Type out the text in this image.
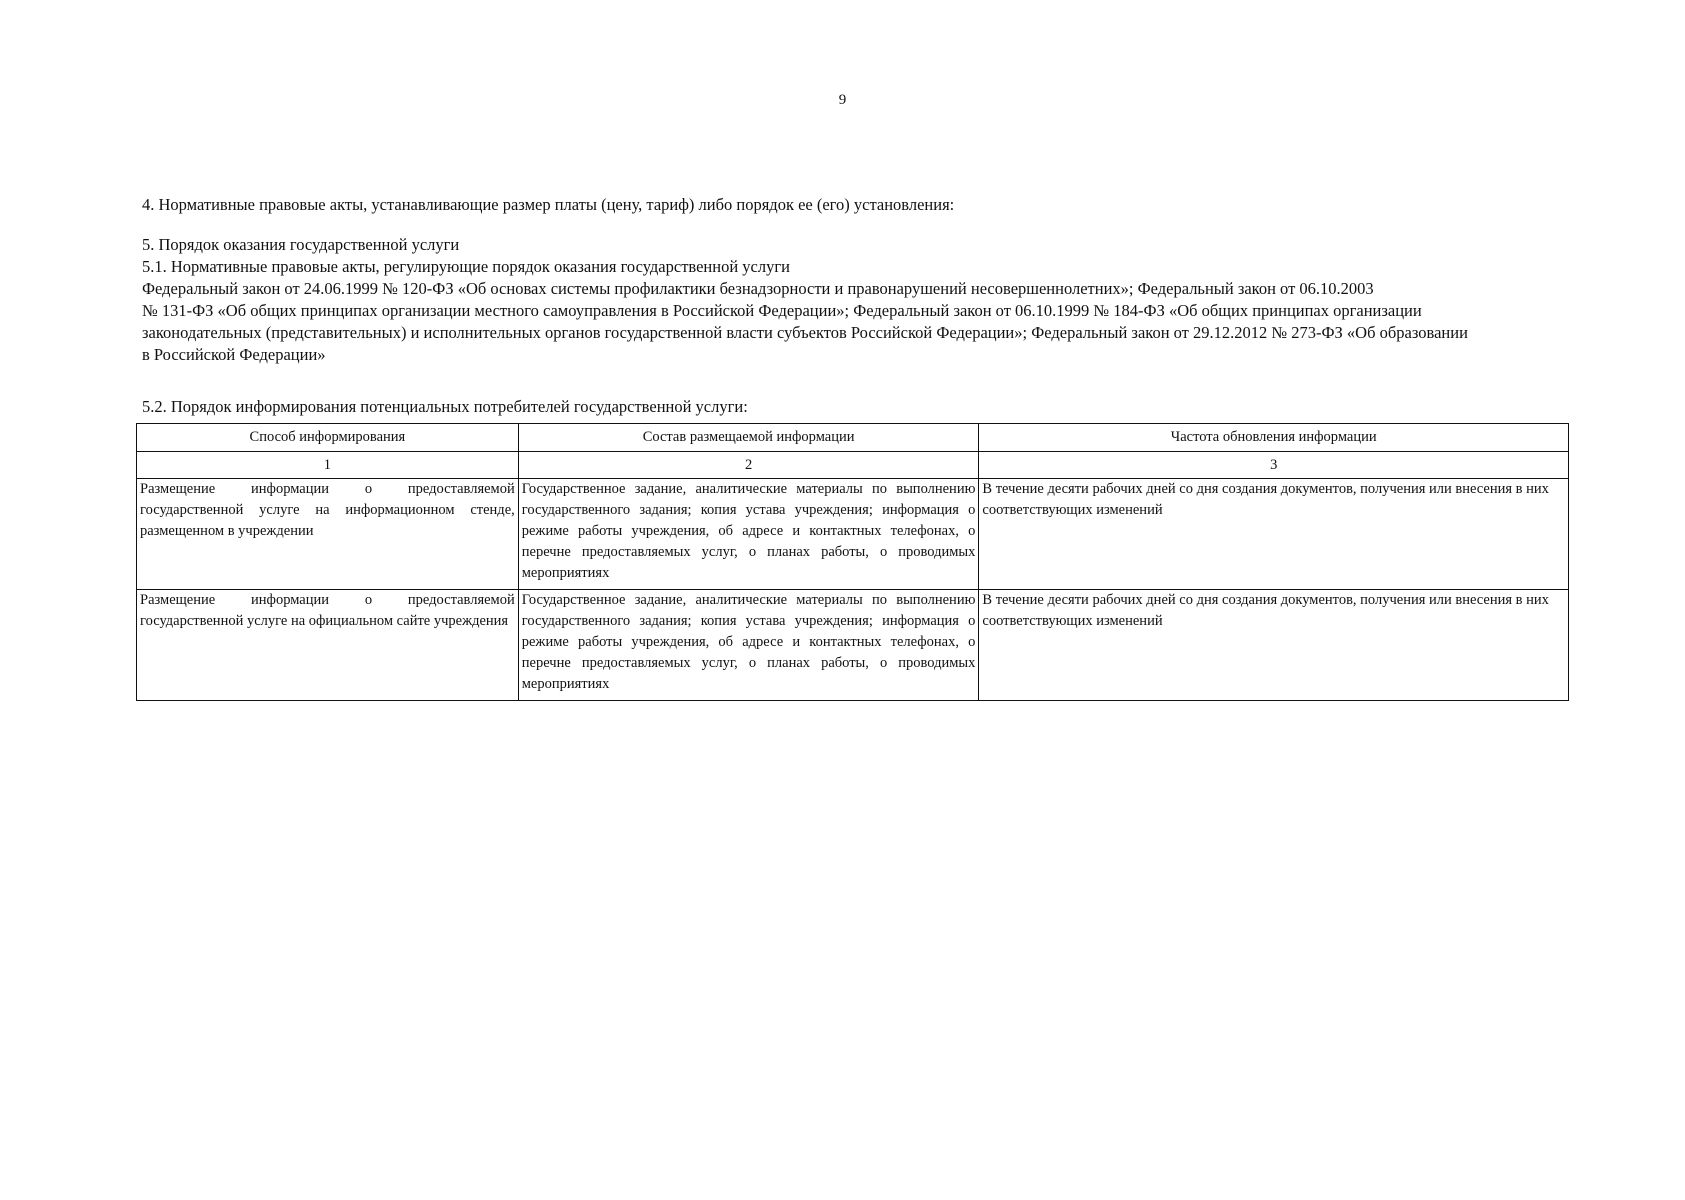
9
4. Нормативные правовые акты, устанавливающие размер платы (цену, тариф) либо порядок ее (его) установления:
5. Порядок оказания государственной услуги
5.1. Нормативные правовые акты, регулирующие порядок оказания государственной услуги
Федеральный закон от 24.06.1999 № 120-ФЗ «Об основах системы профилактики безнадзорности и правонарушений несовершеннолетних»; Федеральный закон от 06.10.2003
№ 131-ФЗ «Об общих принципах организации местного самоуправления в Российской Федерации»; Федеральный закон от 06.10.1999 № 184-ФЗ «Об общих принципах организации
законодательных (представительных) и исполнительных органов государственной власти субъектов Российской Федерации»; Федеральный закон от 29.12.2012 № 273-ФЗ «Об образовании
в Российской Федерации»
5.2. Порядок информирования потенциальных потребителей государственной услуги:
Способ информирования	Состав размещаемой информации	Частота обновления информации
1	2	3
Размещение информации о предоставляемой государственной услуге на информационном стенде, размещенном в учреждении	Государственное задание, аналитические материалы по выполнению государственного задания; копия устава учреждения; информация о режиме работы учреждения, об адресе и контактных телефонах, о перечне предоставляемых услуг, о планах работы, о проводимых мероприятиях	В течение десяти рабочих дней со дня создания документов, получения или внесения в них соответствующих изменений
Размещение информации о предоставляемой государственной услуге на официальном сайте учреждения	Государственное задание, аналитические материалы по выполнению государственного задания; копия устава учреждения; информация о режиме работы учреждения, об адресе и контактных телефонах, о перечне предоставляемых услуг, о планах работы, о проводимых мероприятиях	В течение десяти рабочих дней со дня создания документов, получения или внесения в них соответствующих изменений
